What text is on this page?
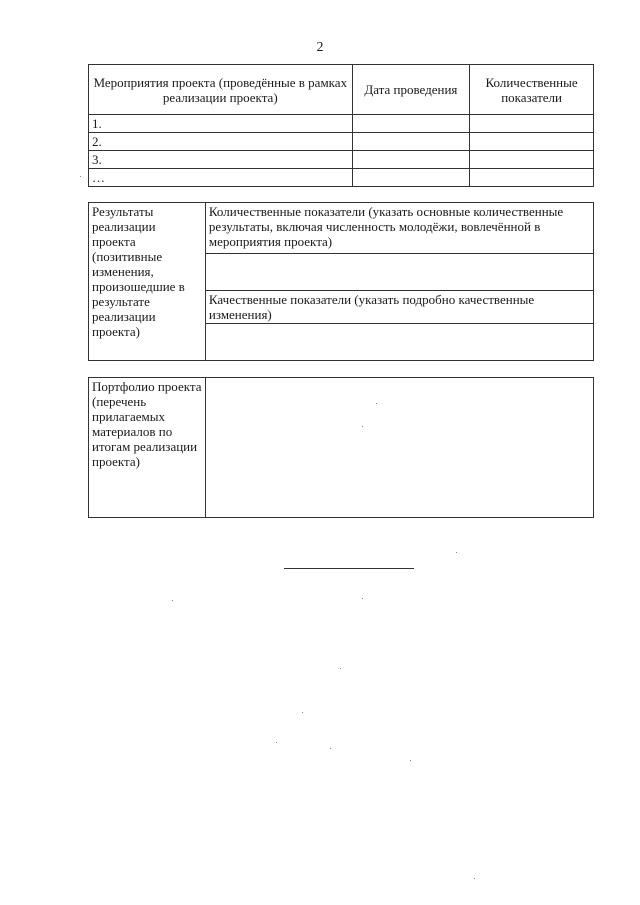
2
Мероприятия проекта (проведённые в рамках реализации проекта)	Дата проведения	Количественные показатели
1.		
2.		
3.		
…		
Результаты реализации проекта (позитивные изменения, произошедшие в результате реализации проекта)	Количественные показатели (указать основные количественные результаты, включая численность молодёжи, вовлечённой в мероприятия проекта)

Качественные показатели (указать подробно качественные изменения)

Портфолио проекта (перечень прилагаемых материалов по итогам реализации проекта)	
